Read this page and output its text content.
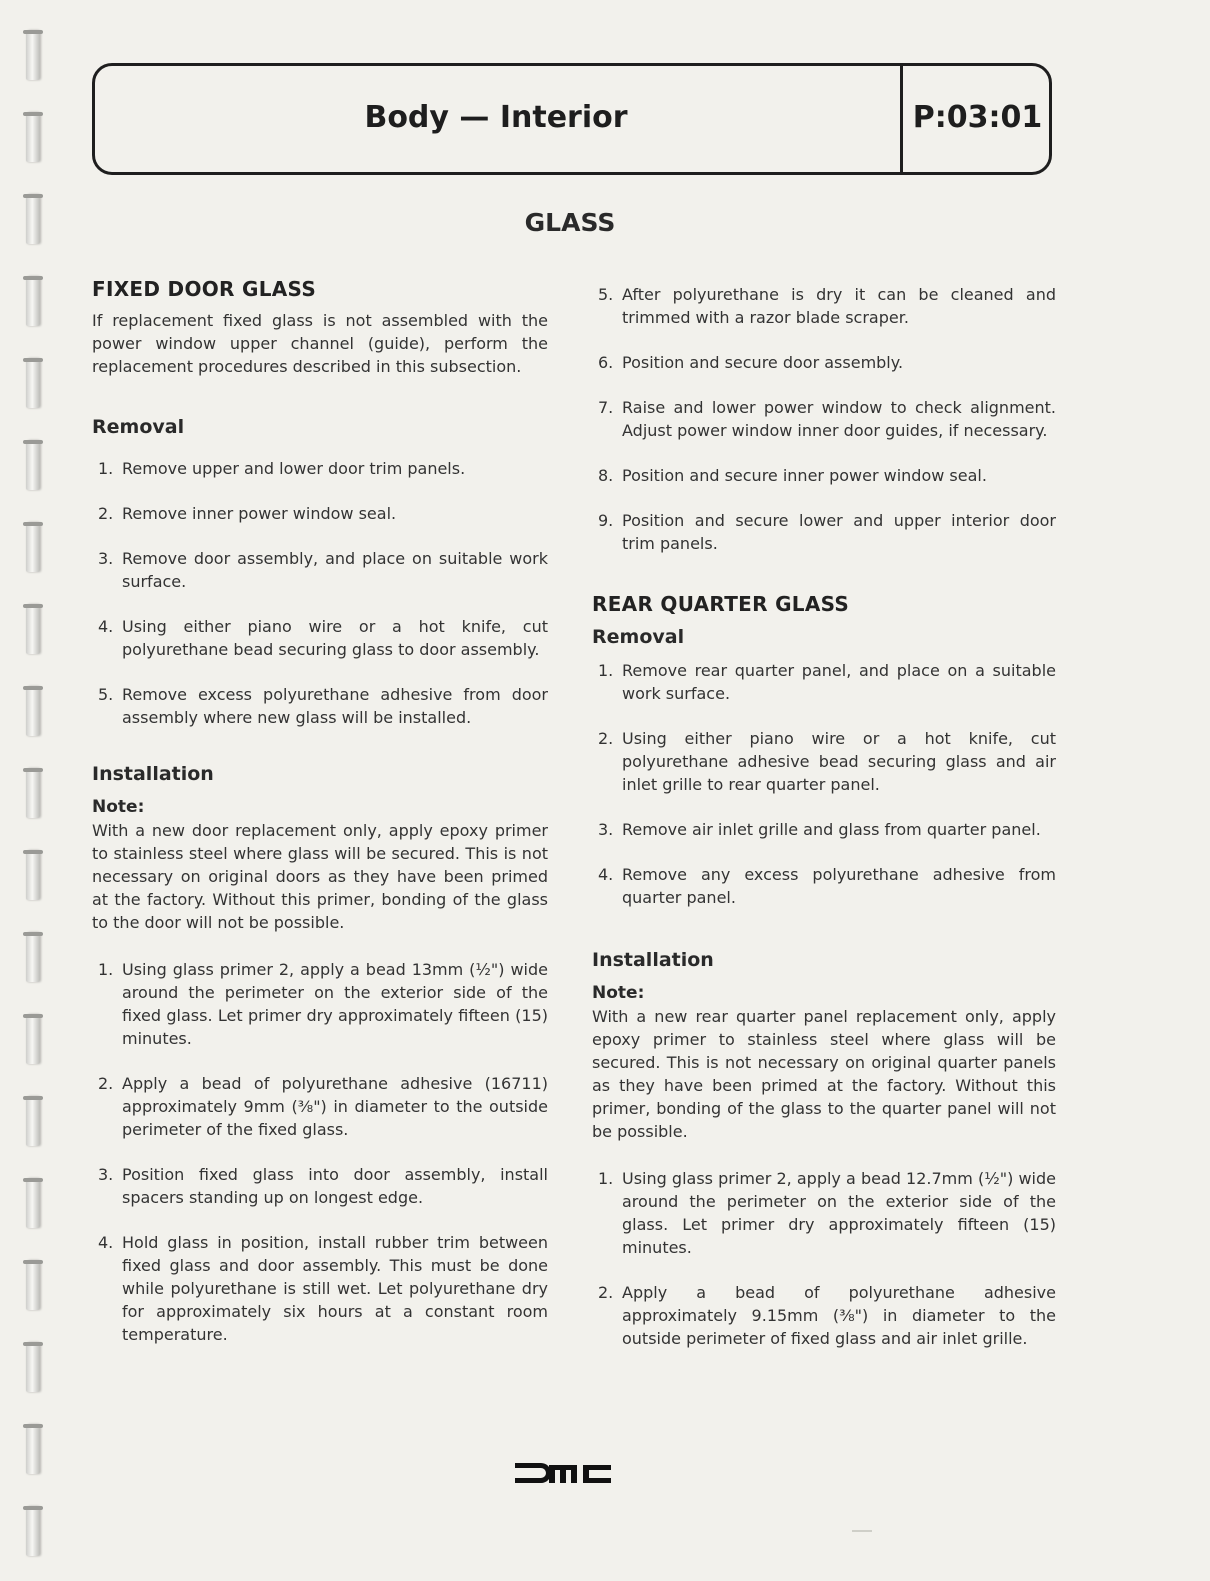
Body — Interior	P:03:01
GLASS
FIXED DOOR GLASS

If replacement fixed glass is not assembled with the power window upper channel (guide), perform the replacement procedures described in this subsection.

Removal
1. Remove upper and lower door trim panels.
2. Remove inner power window seal.
3. Remove door assembly, and place on suitable work surface.
4. Using either piano wire or a hot knife, cut polyurethane bead securing glass to door assembly.
5. Remove excess polyurethane adhesive from door assembly where new glass will be installed.
Installation
Note:

With a new door replacement only, apply epoxy primer to stainless steel where glass will be secured. This is not necessary on original doors as they have been primed at the factory. Without this primer, bonding of the glass to the door will not be possible.

1. Using glass primer 2, apply a bead 13mm (½") wide around the perimeter on the exterior side of the fixed glass. Let primer dry approximately fifteen (15) minutes.
2. Apply a bead of polyurethane adhesive (16711) approximately 9mm (⅜") in diameter to the outside perimeter of the fixed glass.
3. Position fixed glass into door assembly, install spacers standing up on longest edge.
4. Hold glass in position, install rubber trim between fixed glass and door assembly. This must be done while polyurethane is still wet. Let polyurethane dry for approximately six hours at a constant room temperature.
5. After polyurethane is dry it can be cleaned and trimmed with a razor blade scraper.
6. Position and secure door assembly.
7. Raise and lower power window to check alignment. Adjust power window inner door guides, if necessary.
8. Position and secure inner power window seal.
9. Position and secure lower and upper interior door trim panels.
REAR QUARTER GLASS
Removal
1. Remove rear quarter panel, and place on a suitable work surface.
2. Using either piano wire or a hot knife, cut polyurethane adhesive bead securing glass and air inlet grille to rear quarter panel.
3. Remove air inlet grille and glass from quarter panel.
4. Remove any excess polyurethane adhesive from quarter panel.
Installation
Note:

With a new rear quarter panel replacement only, apply epoxy primer to stainless steel where glass will be secured. This is not necessary on original quarter panels as they have been primed at the factory. Without this primer, bonding of the glass to the quarter panel will not be possible.

1. Using glass primer 2, apply a bead 12.7mm (½") wide around the perimeter on the exterior side of the glass. Let primer dry approximately fifteen (15) minutes.
2. Apply a bead of polyurethane adhesive approximately 9.15mm (⅜") in diameter to the outside perimeter of fixed glass and air inlet grille.
